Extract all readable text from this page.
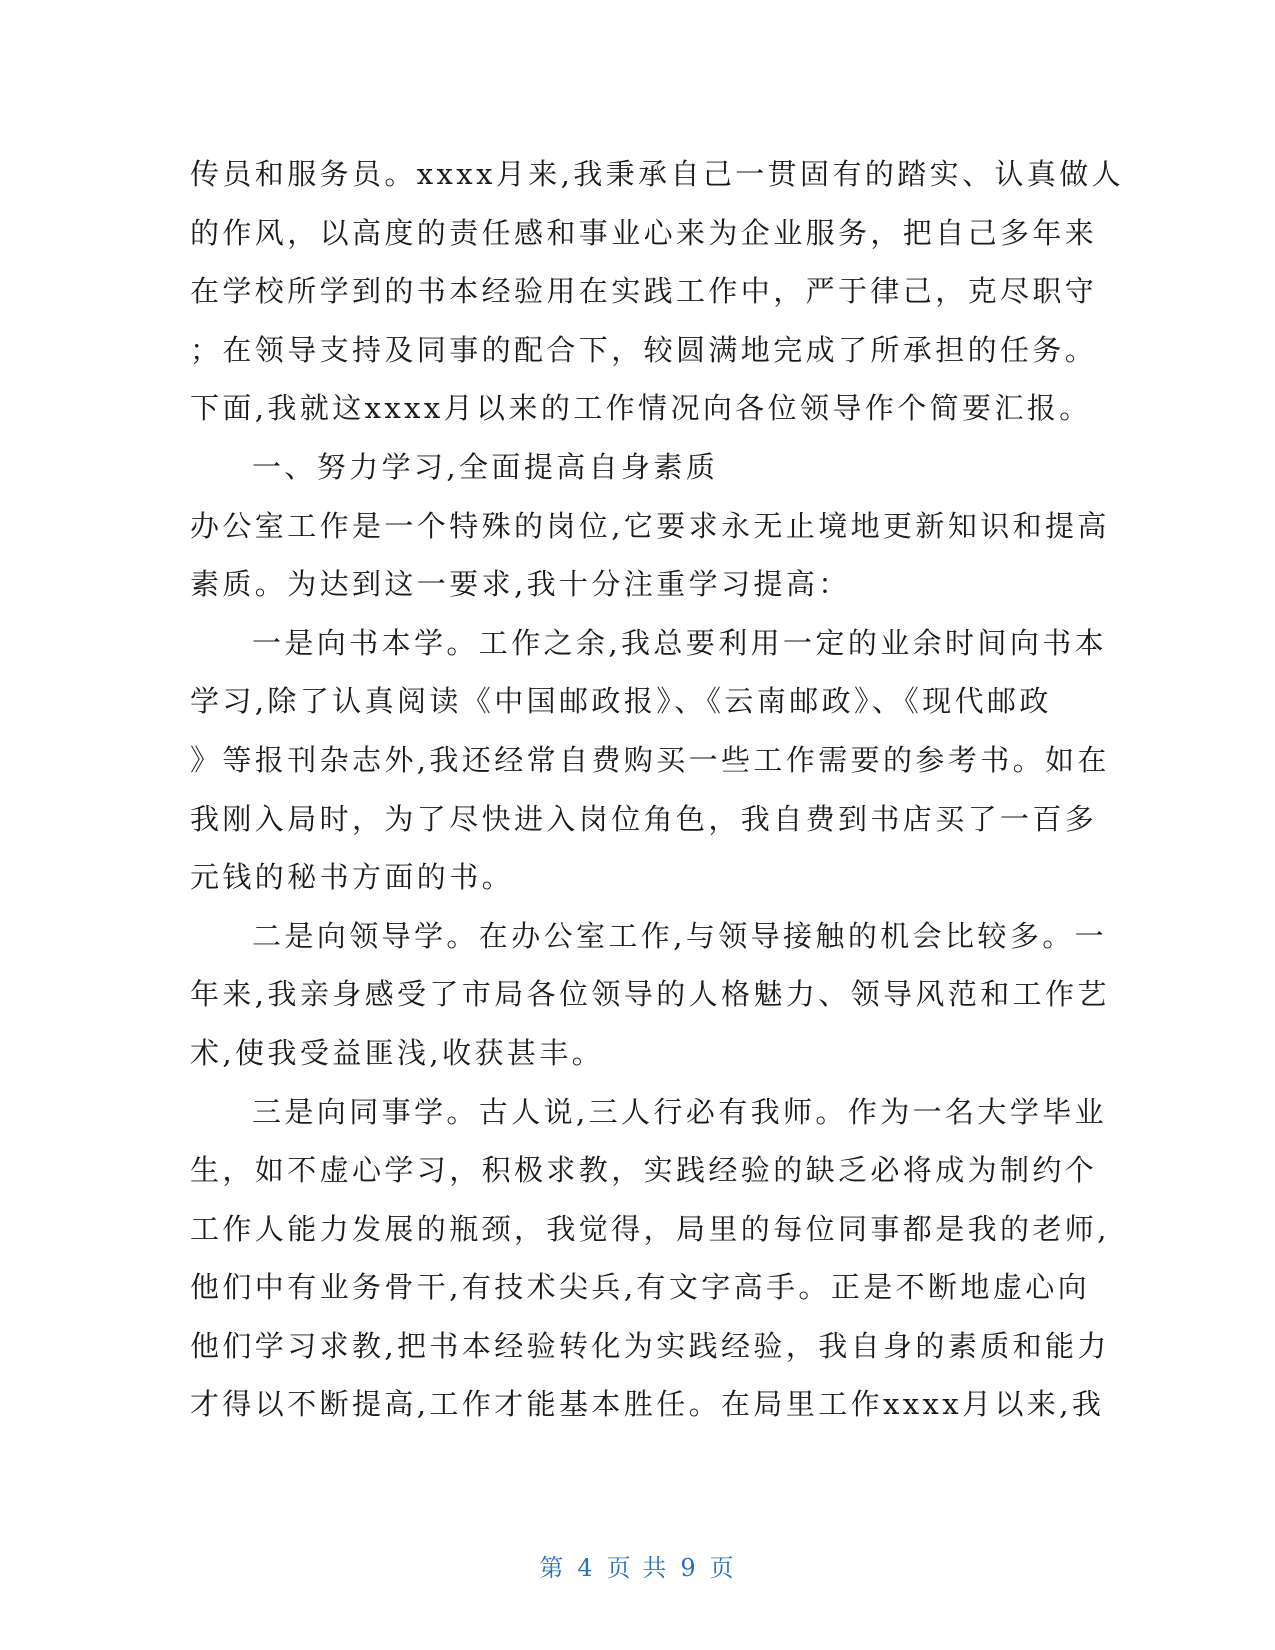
传员和服务员。xxxx月来,我秉承自己一贯固有的踏实、认真做人
的作风，以高度的责任感和事业心来为企业服务，把自己多年来
在学校所学到的书本经验用在实践工作中，严于律己，克尽职守
；在领导支持及同事的配合下，较圆满地完成了所承担的任务。
下面,我就这xxxx月以来的工作情况向各位领导作个简要汇报。
一、努力学习,全面提高自身素质
办公室工作是一个特殊的岗位,它要求永无止境地更新知识和提高
素质。为达到这一要求,我十分注重学习提高：
一是向书本学。工作之余,我总要利用一定的业余时间向书本
学习,除了认真阅读《中国邮政报》、《云南邮政》、《现代邮政
》等报刊杂志外,我还经常自费购买一些工作需要的参考书。如在
我刚入局时，为了尽快进入岗位角色，我自费到书店买了一百多
元钱的秘书方面的书。
二是向领导学。在办公室工作,与领导接触的机会比较多。一
年来,我亲身感受了市局各位领导的人格魅力、领导风范和工作艺
术,使我受益匪浅,收获甚丰。
三是向同事学。古人说,三人行必有我师。作为一名大学毕业
生，如不虚心学习，积极求教，实践经验的缺乏必将成为制约个
工作人能力发展的瓶颈，我觉得，局里的每位同事都是我的老师,
他们中有业务骨干,有技术尖兵,有文字高手。正是不断地虚心向
他们学习求教,把书本经验转化为实践经验，我自身的素质和能力
才得以不断提高,工作才能基本胜任。在局里工作xxxx月以来,我
第 4 页 共 9 页
